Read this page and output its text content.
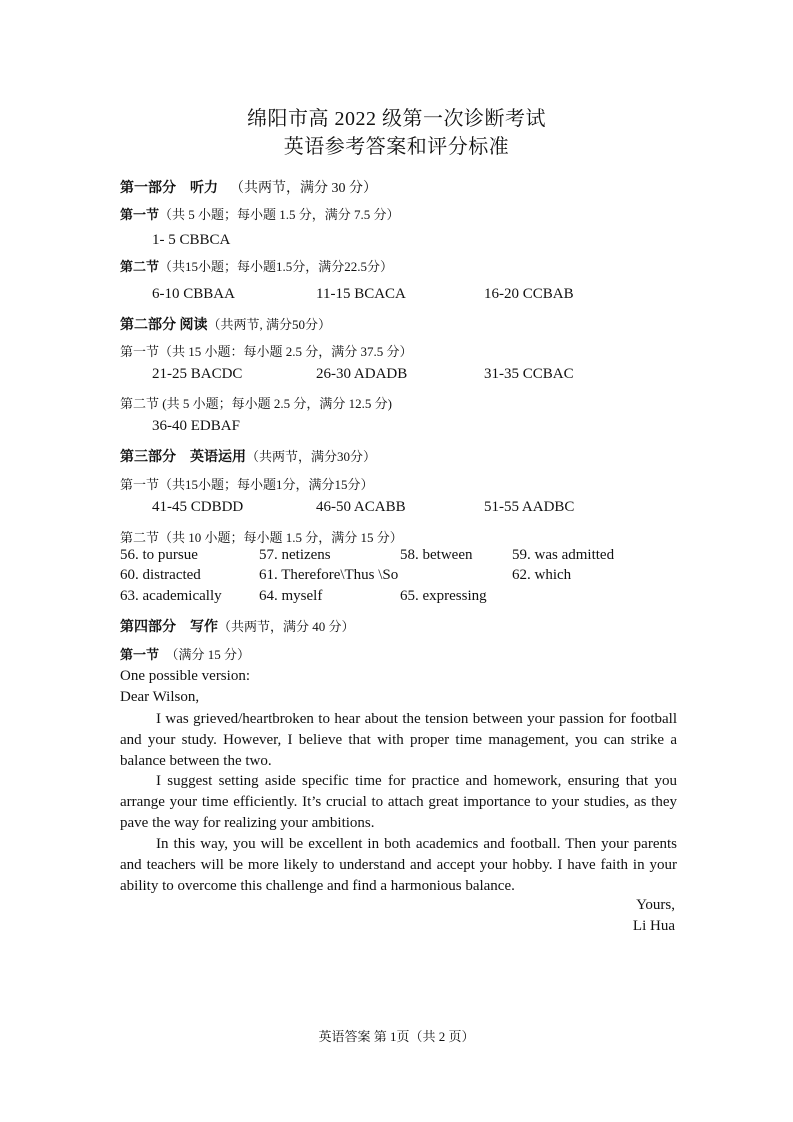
绵阳市高 2022 级第一次诊断考试
英语参考答案和评分标准
第一部分　听力 （共两节，满分 30 分）
第一节（共 5 小题；每小题 1.5 分，满分 7.5 分）
1- 5 CBBCA
第二节（共15小题；每小题1.5分，满分22.5分）
6-10 CBBAA	11-15 BCACA	16-20 CCBAB
第二部分 阅读（共两节, 满分50分）
第一节（共 15 小题：每小题 2.5 分，满分 37.5 分）
21-25 BACDC	26-30 ADADB	31-35 CCBAC
第二节 (共 5 小题；每小题 2.5 分，满分 12.5 分)
36-40 EDBAF
第三部分　英语运用（共两节，满分30分）
第一节（共15小题；每小题1分，满分15分）
41-45 CDBDD	46-50 ACABB	51-55 AADBC
第二节（共 10 小题；每小题 1.5 分，满分 15 分）
56. to pursue	57. netizens	58. between	59. was admitted
60. distracted	61. Therefore\Thus \So	62. which
63. academically 64. myself	65. expressing
第四部分　写作（共两节，满分 40 分）
第一节　（满分 15 分）
One possible version:
Dear Wilson,
I was grieved/heartbroken to hear about the tension between your passion for football and your study. However, I believe that with proper time management, you can strike a balance between the two.
I suggest setting aside specific time for practice and homework, ensuring that you arrange your time efficiently. It’s crucial to attach great importance to your studies, as they pave the way for realizing your ambitions.
In this way, you will be excellent in both academics and football. Then your parents and teachers will be more likely to understand and accept your hobby. I have faith in your ability to overcome this challenge and find a harmonious balance.
Yours,
Li Hua
英语答案 第 1页（共 2 页）
